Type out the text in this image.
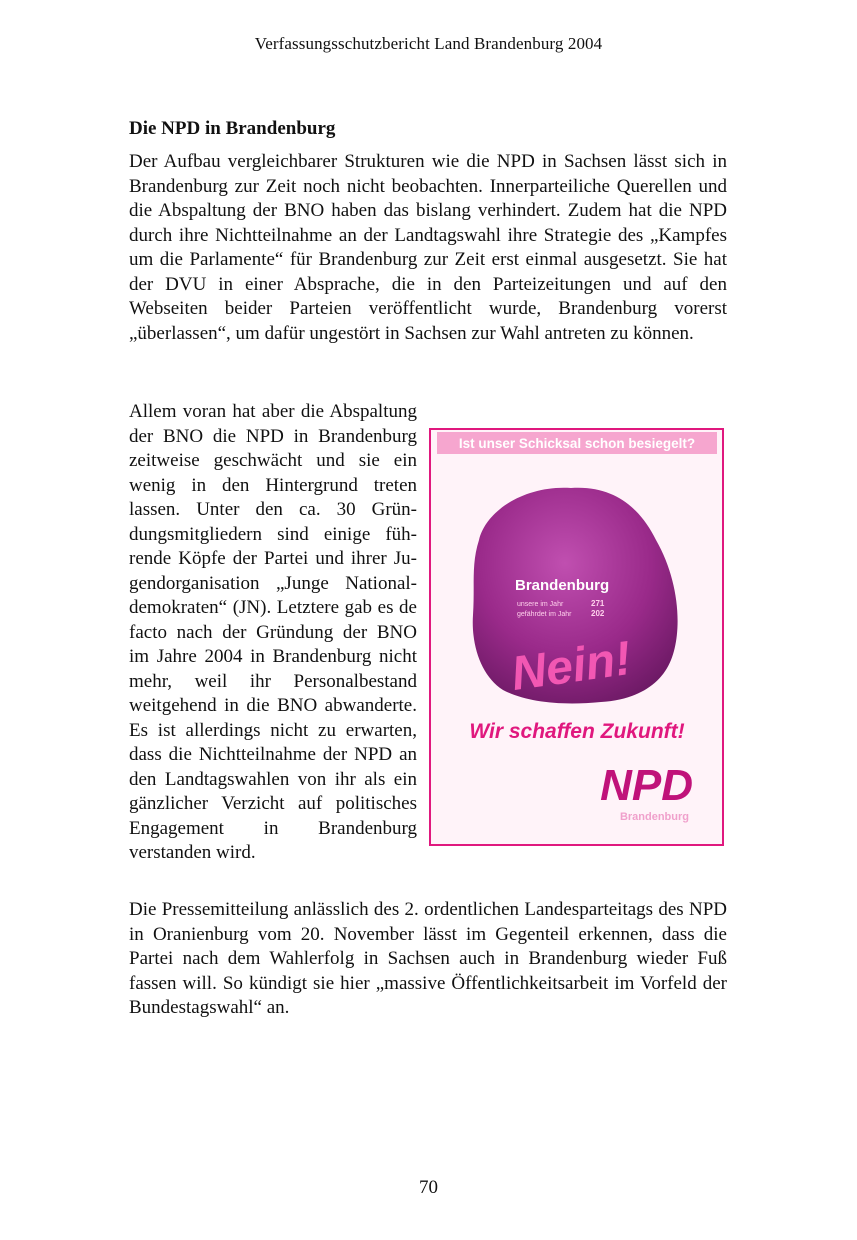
Verfassungsschutzbericht Land Brandenburg 2004
Die NPD in Brandenburg

Der Aufbau vergleichbarer Strukturen wie die NPD in Sachsen lässt sich in Brandenburg zur Zeit noch nicht beobachten. Innerparteiliche Querellen und die Abspaltung der BNO haben das bislang verhindert. Zudem hat die NPD durch ihre Nichtteilnahme an der Landtagswahl ihre Strategie des „Kampfes um die Parlamente“ für Brandenburg zur Zeit erst einmal ausgesetzt. Sie hat der DVU in einer Absprache, die in den Parteizeitungen und auf den Webseiten beider Parteien veröffentlicht wurde, Brandenburg vorerst „überlassen“, um dafür ungestört in Sachsen zur Wahl antreten zu können.

Allem voran hat aber die Abspaltung der BNO die NPD in Brandenburg zeitweise geschwächt und sie ein wenig in den Hintergrund treten lassen. Unter den ca. 30 Gründungsmitgliedern sind einige führende Köpfe der Partei und ihrer Jugendorganisation „Junge Nationaldemokraten“ (JN). Letztere gab es de facto nach der Gründung der BNO im Jahre 2004 in Brandenburg nicht mehr, weil ihr Personalbestand weitgehend in die BNO abwanderte. Es ist allerdings nicht zu erwarten, dass die Nichtteilnahme der NPD an den Landtagswahlen von ihr als ein gänzlicher Verzicht auf politisches Engagement in Brandenburg verstanden wird.

Ist unser Schicksal schon besiegelt?
Brandenburg
unsere im Jahr	271
gefährdet im Jahr 202
Nein!
Wir schaffen Zukunft!
NPD
Brandenburg

Die Pressemitteilung anlässlich des 2. ordentlichen Landesparteitags des NPD in Oranienburg vom 20. November lässt im Gegenteil erkennen, dass die Partei nach dem Wahlerfolg in Sachsen auch in Brandenburg wieder Fuß fassen will. So kündigt sie hier „massive Öffentlichkeitsarbeit im Vorfeld der Bundestagswahl“ an.

70
